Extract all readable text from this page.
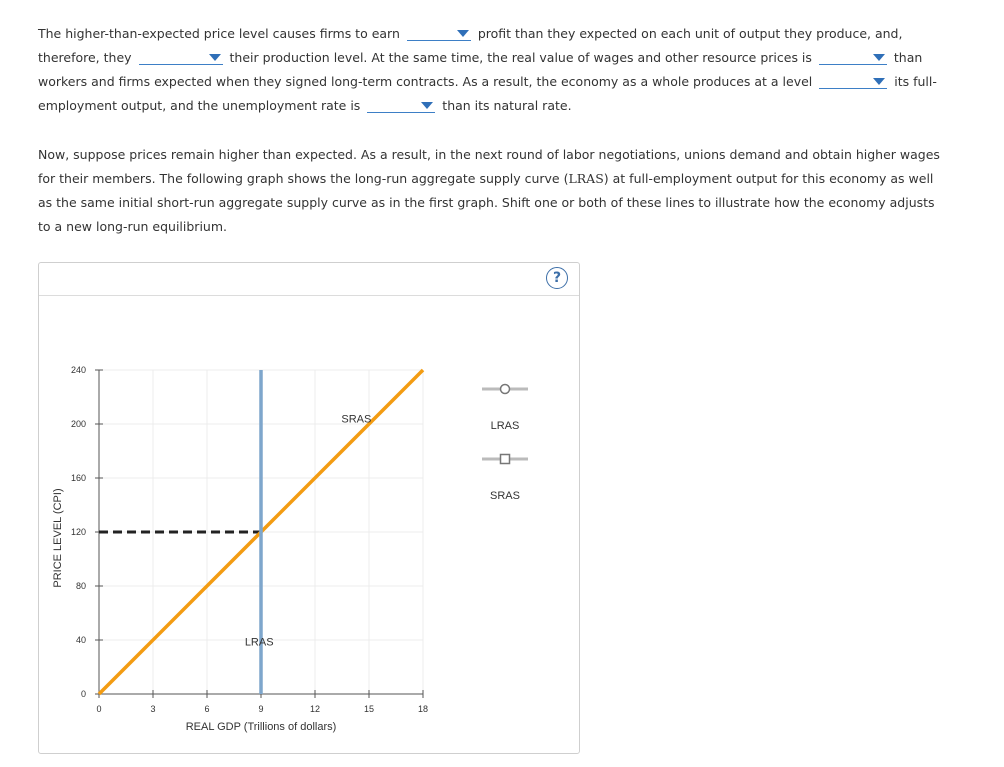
The higher-than-expected price level causes firms to earn	profit than they expected on each unit of output they produce, and,
therefore, they	their production level. At the same time, the real value of wages and other resource prices is	than
workers and firms expected when they signed long-term contracts. As a result, the economy as a whole produces at a level	its full-
employment output, and the unemployment rate is	than its natural rate.
Now, suppose prices remain higher than expected. As a result, in the next round of labor negotiations, unions demand and obtain higher wages
for their members. The following graph shows the long-run aggregate supply curve (LRAS) at full-employment output for this economy as well
as the same initial short-run aggregate supply curve as in the first graph. Shift one or both of these lines to illustrate how the economy adjusts
to a new long-run equilibrium.
?
0	3	6	9	12	15	18
0
40
80
120
160
200
240
REAL GDP (Trillions of dollars)
PRICE LEVEL (CPI)
SRAS
LRAS
LRAS
SRAS
